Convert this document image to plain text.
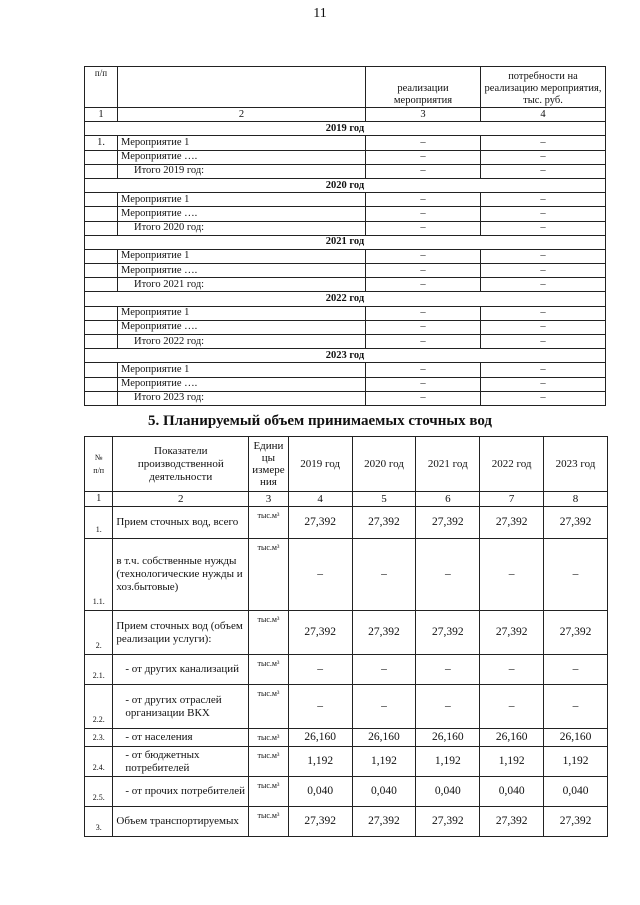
11
п/п		реализации мероприятия	потребности на реализацию мероприятия, тыс. руб.
1	2	3	4
2019 год			
1.	Мероприятие 1	–	–
	Мероприятие ….	–	–
	Итого 2019 год:	–	–
2020 год			
	Мероприятие 1	–	–
	Мероприятие ….	–	–
	Итого 2020 год:	–	–
2021 год			
	Мероприятие 1	–	–
	Мероприятие ….	–	–
	Итого 2021 год:	–	–
2022 год			
	Мероприятие 1	–	–
	Мероприятие ….	–	–
	Итого 2022 год:	–	–
2023 год			
	Мероприятие 1	–	–
	Мероприятие ….	–	–
	Итого 2023 год:	–	–
5. Планируемый объем принимаемых сточных вод
№
п/п	Показатели производственной деятельности	Едини
цы
измере
ния	2019 год	2020 год	2021 год	2022 год	2023 год
1	2	3	4	5	6	7	8
1.	Прием сточных вод, всего	тыс.м³	27,392	27,392	27,392	27,392	27,392
1.1.	в т.ч. собственные нужды (технологические нужды и хоз.бытовые)	тыс.м³	–	–	–	–	–
2.	Прием сточных вод (объем реализации услуги):	тыс.м³	27,392	27,392	27,392	27,392	27,392
2.1.	- от других канализаций	тыс.м³	–	–	–	–	–
2.2.	- от других отраслей организации ВКХ	тыс.м³	–	–	–	–	–
2.3.	- от населения	тыс.м³	26,160	26,160	26,160	26,160	26,160
2.4.	- от бюджетных потребителей	тыс.м³	1,192	1,192	1,192	1,192	1,192
2.5.	- от прочих потребителей	тыс.м³	0,040	0,040	0,040	0,040	0,040
3.	Объем транспортируемых	тыс.м³	27,392	27,392	27,392	27,392	27,392
